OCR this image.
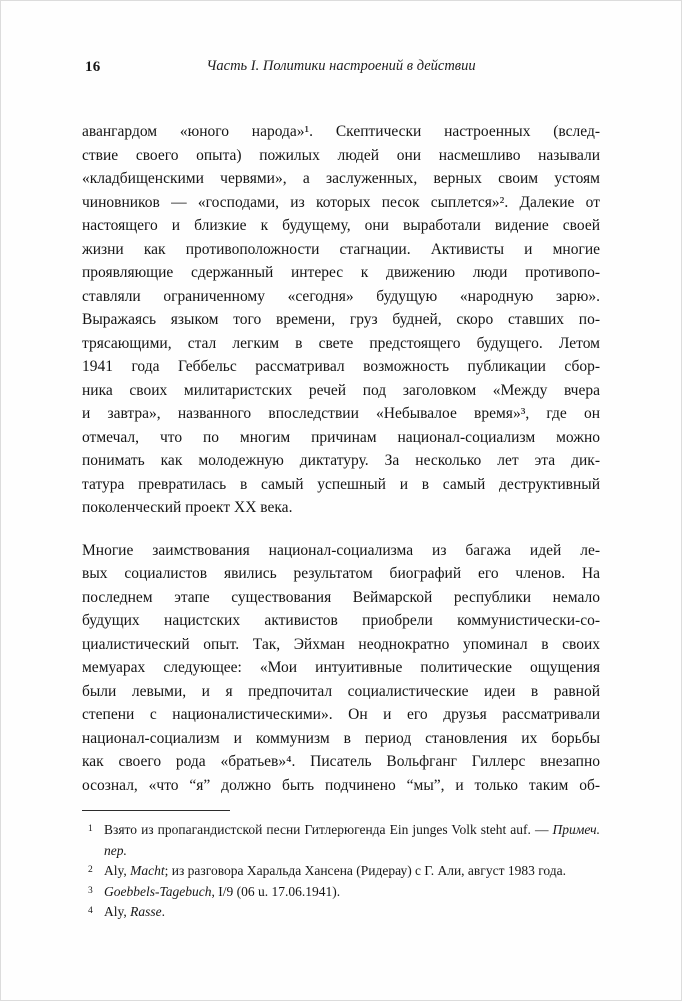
16	Часть I. Политики настроений в действии
авангардом «юного народа»¹. Скептически настроенных (вслед-
ствие своего опыта) пожилых людей они насмешливо называли
«кладбищенскими червями», а заслуженных, верных своим устоям
чиновников — «господами, из которых песок сыплется»². Далекие от
настоящего и близкие к будущему, они выработали видение своей
жизни как противоположности стагнации. Активисты и многие
проявляющие сдержанный интерес к движению люди противопо-
ставляли ограниченному «сегодня» будущую «народную зарю».
Выражаясь языком того времени, груз будней, скоро ставших по-
трясающими, стал легким в свете предстоящего будущего. Летом
1941 года Геббельс рассматривал возможность публикации сбор-
ника своих милитаристских речей под заголовком «Между вчера
и завтра», названного впоследствии «Небывалое время»³, где он
отмечал, что по многим причинам национал-социализм можно
понимать как молодежную диктатуру. За несколько лет эта дик-
татура превратилась в самый успешный и в самый деструктивный
поколенческий проект XX века.
Многие заимствования национал-социализма из багажа идей ле-
вых социалистов явились результатом биографий его членов. На
последнем этапе существования Веймарской республики немало
будущих нацистских активистов приобрели коммунистически-со-
циалистический опыт. Так, Эйхман неоднократно упоминал в своих
мемуарах следующее: «Мои интуитивные политические ощущения
были левыми, и я предпочитал социалистические идеи в равной
степени с националистическими». Он и его друзья рассматривали
национал-социализм и коммунизм в период становления их борьбы
как своего рода «братьев»⁴. Писатель Вольфганг Гиллерс внезапно
осознал, «что “я” должно быть подчинено “мы”, и только таким об-
1 Взято из пропагандистской песни Гитлерюгенда Ein junges Volk steht auf. — Примеч. пер.
2 Aly, Macht; из разговора Харальда Хансена (Ридерау) с Г. Али, август 1983 года.
3 Goebbels-Tagebuch, I/9 (06 u. 17.06.1941).
4 Aly, Rasse.
